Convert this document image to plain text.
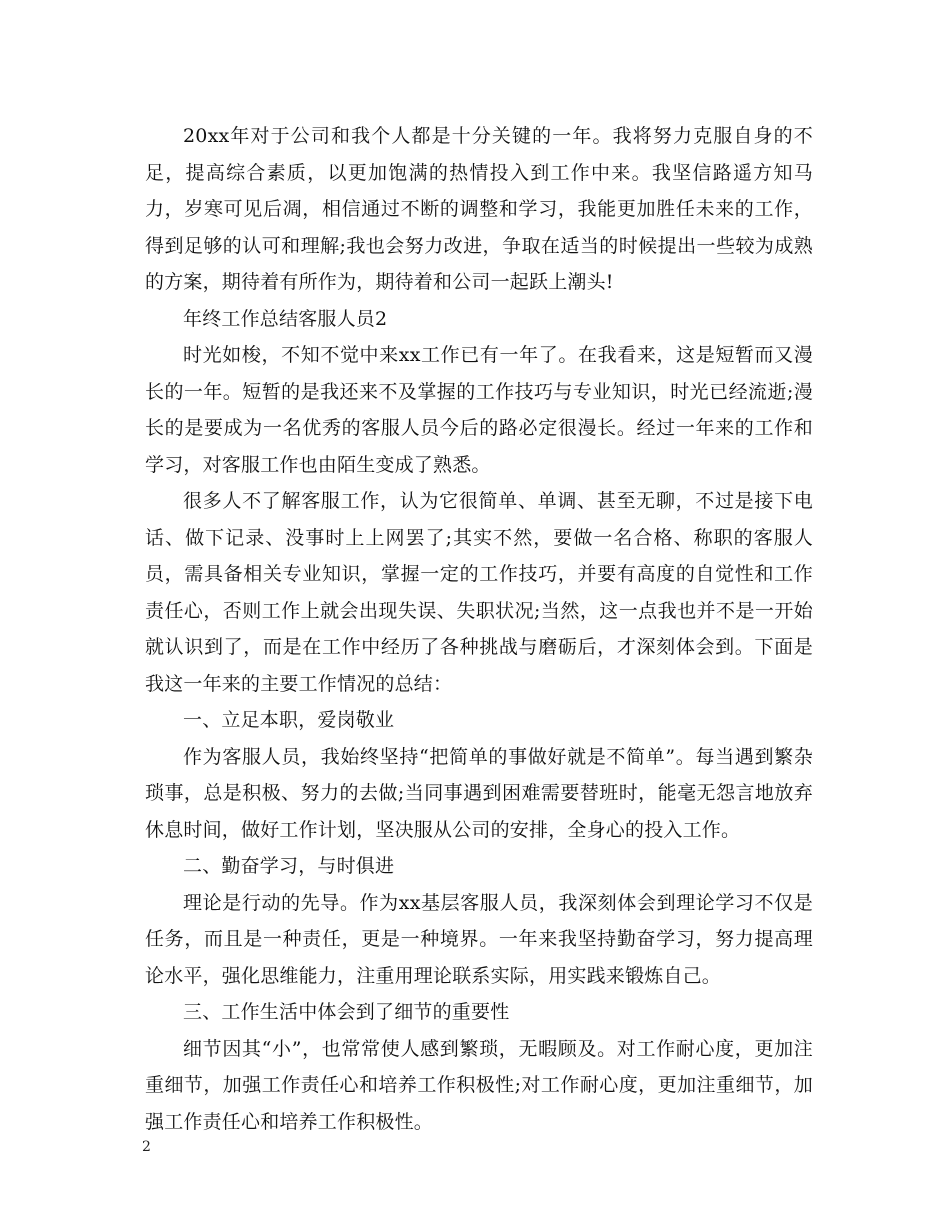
20xx年对于公司和我个人都是十分关键的一年。我将努力克服自身的不足，提高综合素质，以更加饱满的热情投入到工作中来。我坚信路遥方知马力，岁寒可见后凋，相信通过不断的调整和学习，我能更加胜任未来的工作，得到足够的认可和理解;我也会努力改进，争取在适当的时候提出一些较为成熟的方案，期待着有所作为，期待着和公司一起跃上潮头!

年终工作总结客服人员2

时光如梭，不知不觉中来xx工作已有一年了。在我看来，这是短暂而又漫长的一年。短暂的是我还来不及掌握的工作技巧与专业知识，时光已经流逝;漫长的是要成为一名优秀的客服人员今后的路必定很漫长。经过一年来的工作和学习，对客服工作也由陌生变成了熟悉。

很多人不了解客服工作，认为它很简单、单调、甚至无聊，不过是接下电话、做下记录、没事时上上网罢了;其实不然，要做一名合格、称职的客服人员，需具备相关专业知识，掌握一定的工作技巧，并要有高度的自觉性和工作责任心，否则工作上就会出现失误、失职状况;当然，这一点我也并不是一开始就认识到了，而是在工作中经历了各种挑战与磨砺后，才深刻体会到。下面是我这一年来的主要工作情况的总结：

一、立足本职，爱岗敬业

作为客服人员，我始终坚持“把简单的事做好就是不简单”。每当遇到繁杂琐事，总是积极、努力的去做;当同事遇到困难需要替班时，能毫无怨言地放弃休息时间，做好工作计划，坚决服从公司的安排，全身心的投入工作。

二、勤奋学习，与时俱进

理论是行动的先导。作为xx基层客服人员，我深刻体会到理论学习不仅是任务，而且是一种责任，更是一种境界。一年来我坚持勤奋学习，努力提高理论水平，强化思维能力，注重用理论联系实际，用实践来锻炼自己。

三、工作生活中体会到了细节的重要性

细节因其“小”，也常常使人感到繁琐，无暇顾及。对工作耐心度，更加注重细节，加强工作责任心和培养工作积极性;对工作耐心度，更加注重细节，加强工作责任心和培养工作积极性。

2
